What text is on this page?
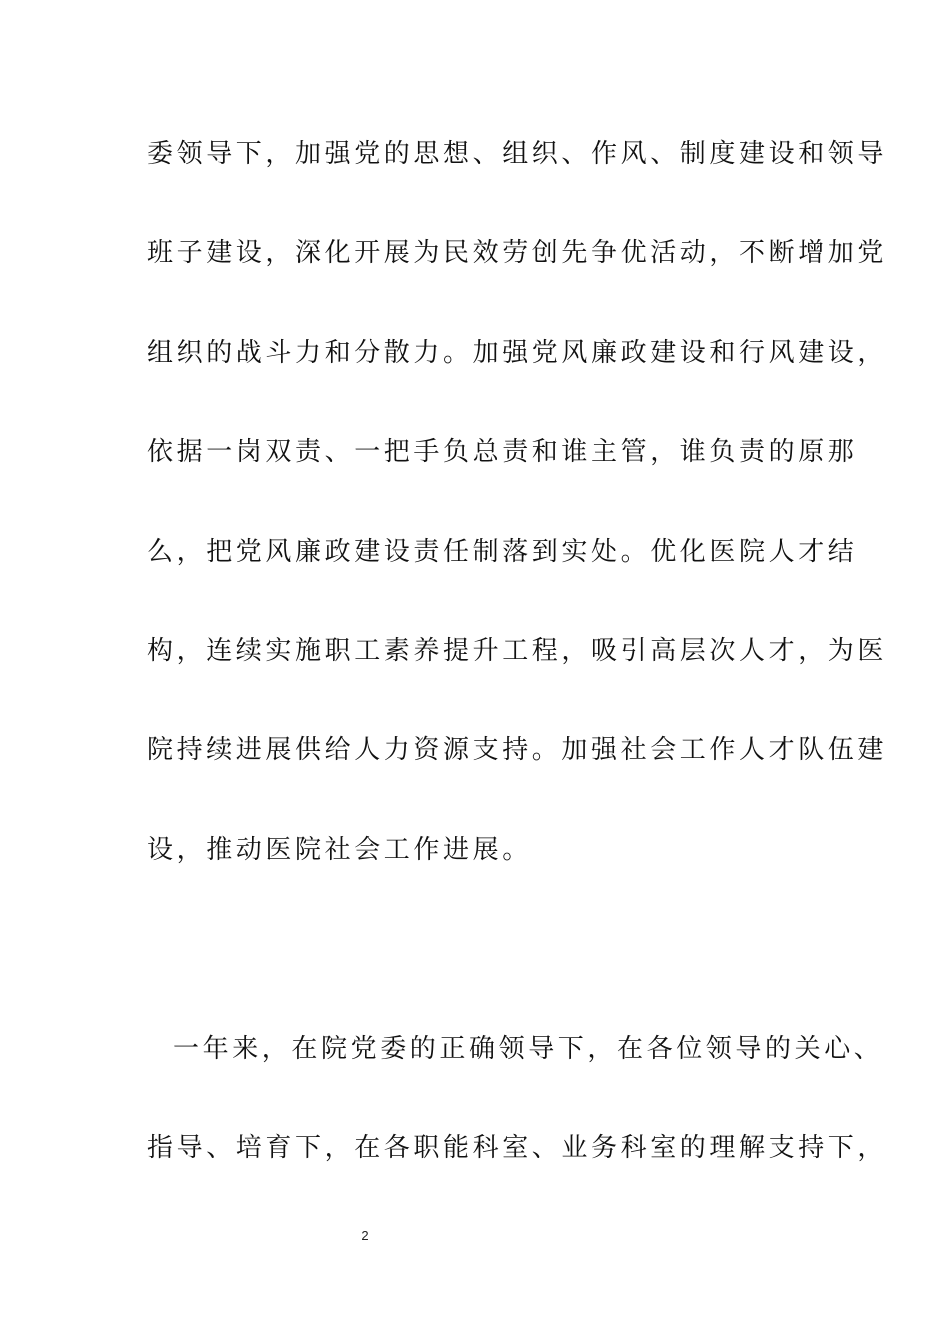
委领导下，加强党的思想、组织、作风、制度建设和领导
班子建设，深化开展为民效劳创先争优活动，不断增加党
组织的战斗力和分散力。加强党风廉政建设和行风建设，
依据一岗双责、一把手负总责和谁主管，谁负责的原那
么，把党风廉政建设责任制落到实处。优化医院人才结
构，连续实施职工素养提升工程，吸引高层次人才，为医
院持续进展供给人力资源支持。加强社会工作人才队伍建
设，推动医院社会工作进展。
一年来，在院党委的正确领导下，在各位领导的关心、
指导、培育下，在各职能科室、业务科室的理解支持下，
2
